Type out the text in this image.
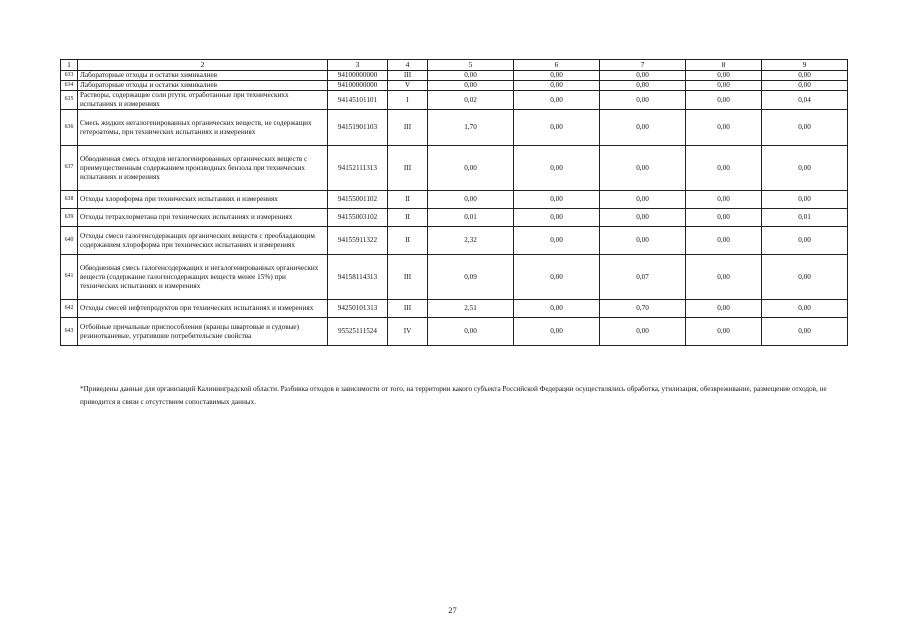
1	2	3	4	5	6	7	8	9
633	Лабораторные отходы и остатки химикалиев	94100000000	III	0,00	0,00	0,00	0,00	0,00
634	Лабораторные отходы и остатки химикалиев	94100000000	V	0,00	0,00	0,00	0,00	0,00
635	Растворы, содержащие соли ртути, отработанные при техническихх испытаниях и измерениях	94145101101	I	0,02	0,00	0,00	0,00	0,04
636	Смесь жидких негалогенированных органических веществ, не содержащих гетероатомы, при технических испытаниях и измерениях	94151901103	III	1,70	0,00	0,00	0,00	0,00
637	Обводненная смесь отходов негалогенированных органических веществ с преимущественным содержанием производных бензола при технических испытаниях и измерениях	94152111313	III	0,00	0,00	0,00	0,00	0,00
638	Отходы хлороформа при технических испытаниях и измерениях	94155001102	II	0,00	0,00	0,00	0,00	0,00
639	Отходы тетрахлорметана при технических испытаниях и измерениях	94155003102	II	0,01	0,00	0,00	0,00	0,01
640	Отходы смеси галогенсодержащих органических веществ с преобладающим содержанием хлороформа при технических испытаниях и измерениях	94155911322	II	2,32	0,00	0,00	0,00	0,00
641	Обводненная смесь галогенсодержащих и негалогенированных органических веществ (содержание галогенсодержащих веществ менее 15%) при технических испытаниях и измерениях	94158114313	III	0,09	0,00	0,07	0,00	0,00
642	Отходы смесей нефтепродуктов при технических испытаниях и измерениях	94250101313	III	2,51	0,00	0,70	0,00	0,00
643	Отбойные причальные приспособления (кранцы швартовые и судовые) резинотканевые, утратившие потребительские свойства	95525111524	IV	0,00	0,00	0,00	0,00	0,00
*Приведены данные для организаций Калининградской области. Разбивка отходов в зависимости от того, на территории какого субъекта Российской Федерации осуществлялись обработка, утилизация, обезвреживание, размещение отходов, не приводится в связи с отсутствием сопоставимых данных.
27
